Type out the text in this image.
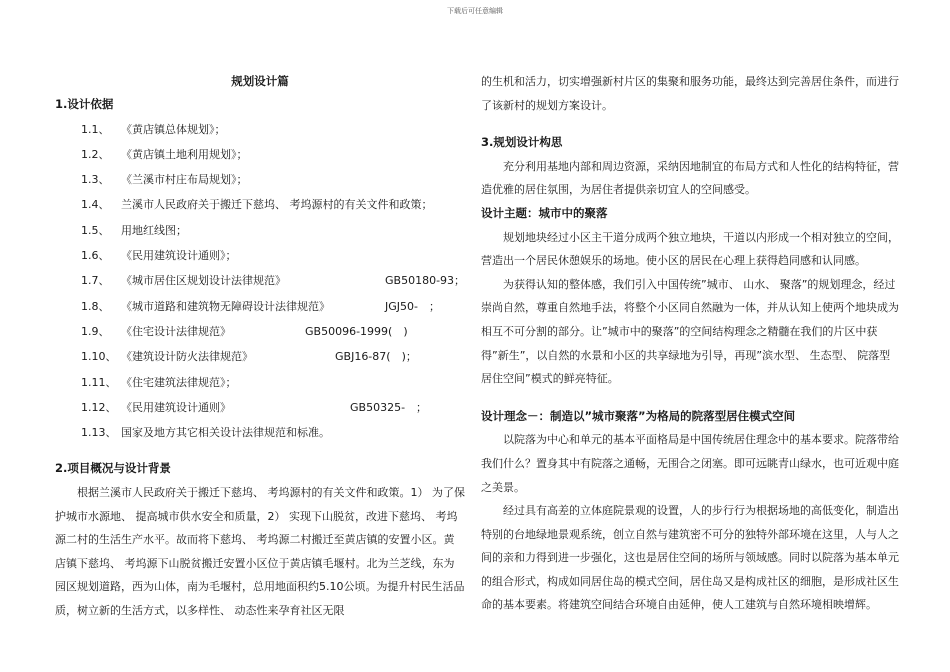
下载后可任意编辑
规划设计篇
1.设计依据
1.1、 《黄店镇总体规划》；
1.2、 《黄店镇土地利用规划》；
1.3、 《兰溪市村庄布局规划》；
1.4、 兰溪市人民政府关于搬迁下慈坞、 考坞源村的有关文件和政策；
1.5、 用地红线图；
1.6、 《民用建筑设计通则》；
1.7、 《城市居住区规划设计法律规范》	GB50180-93；
1.8、 《城市道路和建筑物无障碍设计法律规范》	JGJ50-　；
1.9、 《住宅设计法律规范》	GB50096-1999(　)
1.10、 《建筑设计防火法律规范》	GBJ16-87(　)；
1.11、 《住宅建筑法律规范》；
1.12、 《民用建筑设计通则》	GB50325-　；
1.13、 国家及地方其它相关设计法律规范和标准。
2.项目概况与设计背景

根据兰溪市人民政府关于搬迁下慈坞、 考坞源村的有关文件和政策。1） 为了保护城市水源地、 提高城市供水安全和质量，2） 实现下山脱贫，改进下慈坞、 考坞源二村的生活生产水平。故而将下慈坞、 考坞源二村搬迁至黄店镇的安置小区。黄店镇下慈坞、 考坞源下山脱贫搬迁安置小区位于黄店镇毛堰村。北为兰芝线，东为园区规划道路，西为山体，南为毛堰村，总用地面积约5.10公顷。为提升村民生活品质，树立新的生活方式，以多样性、 动态性来孕育社区无限

的生机和活力，切实增强新村片区的集聚和服务功能，最终达到完善居住条件，而进行了该新村的规划方案设计。

3.规划设计构思

充分利用基地内部和周边资源，采纳因地制宜的布局方式和人性化的结构特征，营造优雅的居住氛围，为居住者提供亲切宜人的空间感受。

设计主题：城市中的聚落

规划地块经过小区主干道分成两个独立地块，干道以内形成一个相对独立的空间，营造出一个居民休憩娱乐的场地。使小区的居民在心理上获得趋同感和认同感。

为获得认知的整体感，我们引入中国传统”城市、 山水、 聚落”的规划理念，经过崇尚自然，尊重自然地手法，将整个小区同自然融为一体，并从认知上使两个地块成为相互不可分割的部分。让”城市中的聚落”的空间结构理念之精髓在我们的片区中获得”新生”，以自然的水景和小区的共享绿地为引导，再现”滨水型、 生态型、 院落型居住空间”模式的鲜亮特征。

设计理念－：制造以”城市聚落”为格局的院落型居住模式空间

以院落为中心和单元的基本平面格局是中国传统居住理念中的基本要求。院落带给我们什么？置身其中有院落之通畅，无围合之闭塞。即可远眺青山绿水，也可近观中庭之美景。

经过具有高差的立体庭院景观的设置，人的步行行为根据场地的高低变化，制造出特别的台地绿地景观系统，创立自然与建筑密不可分的独特外部环境在这里，人与人之间的亲和力得到进一步强化，这也是居住空间的场所与领域感。同时以院落为基本单元的组合形式，构成如同居住岛的模式空间，居住岛又是构成社区的细胞，是形成社区生命的基本要素。将建筑空间结合环境自由延伸，使人工建筑与自然环境相映增辉。
